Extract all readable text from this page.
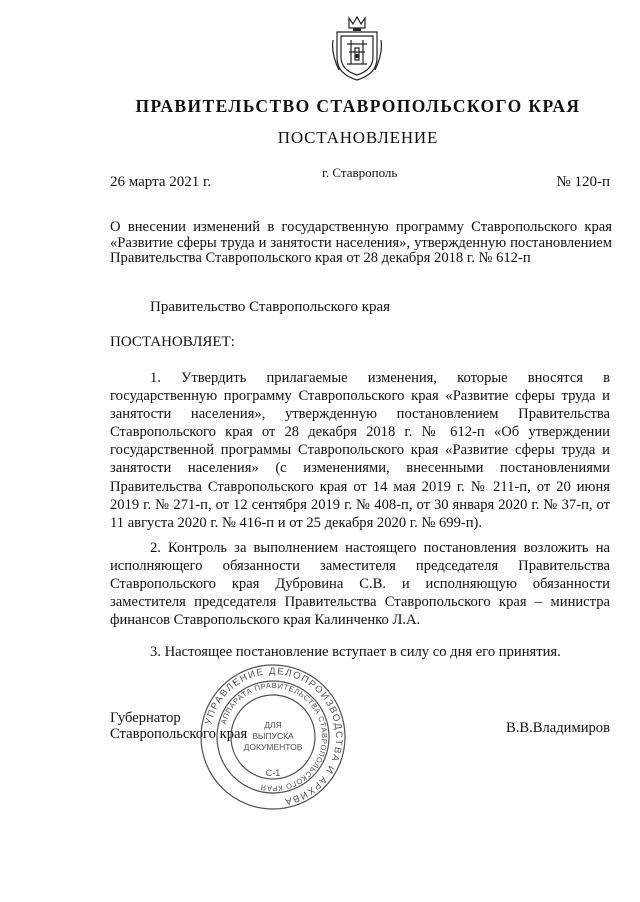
ПРАВИТЕЛЬСТВО СТАВРОПОЛЬСКОГО КРАЯ
ПОСТАНОВЛЕНИЕ
г. Ставрополь
26 марта 2021 г.	№ 120-п
О внесении изменений в государственную программу Ставропольского края «Развитие сферы труда и занятости населения», утвержденную постановлением Правительства Ставропольского края от 28 декабря 2018 г. № 612-п
Правительство Ставропольского края
ПОСТАНОВЛЯЕТ:

1. Утвердить прилагаемые изменения, которые вносятся в государственную программу Ставропольского края «Развитие сферы труда и занятости населения», утвержденную постановлением Правительства Ставропольского края от 28 декабря 2018 г. № 612-п «Об утверждении государственной программы Ставропольского края «Развитие сферы труда и занятости населения» (с изменениями, внесенными постановлениями Правительства Ставропольского края от 14 мая 2019 г. № 211-п, от 20 июня 2019 г. № 271-п, от 12 сентября 2019 г. № 408-п, от 30 января 2020 г. № 37-п, от 11 августа 2020 г. № 416-п и от 25 декабря 2020 г. № 699-п).

2. Контроль за выполнением настоящего постановления возложить на исполняющего обязанности заместителя председателя Правительства Ставропольского края Дубровина С.В. и исполняющую обязанности заместителя председателя Правительства Ставропольского края – министра финансов Ставропольского края Калинченко Л.А.

3. Настоящее постановление вступает в силу со дня его принятия.

Губернатор
Ставропольского края	В.В.Владимиров
УПРАВЛЕНИЕ ДЕЛОПРОИЗВОДСТВА И АРХИВА
АППАРАТА ПРАВИТЕЛЬСТВА СТАВРОПОЛЬСКОГО КРАЯ
ДЛЯ
ВЫПУСКА
ДОКУМЕНТОВ
С-1
